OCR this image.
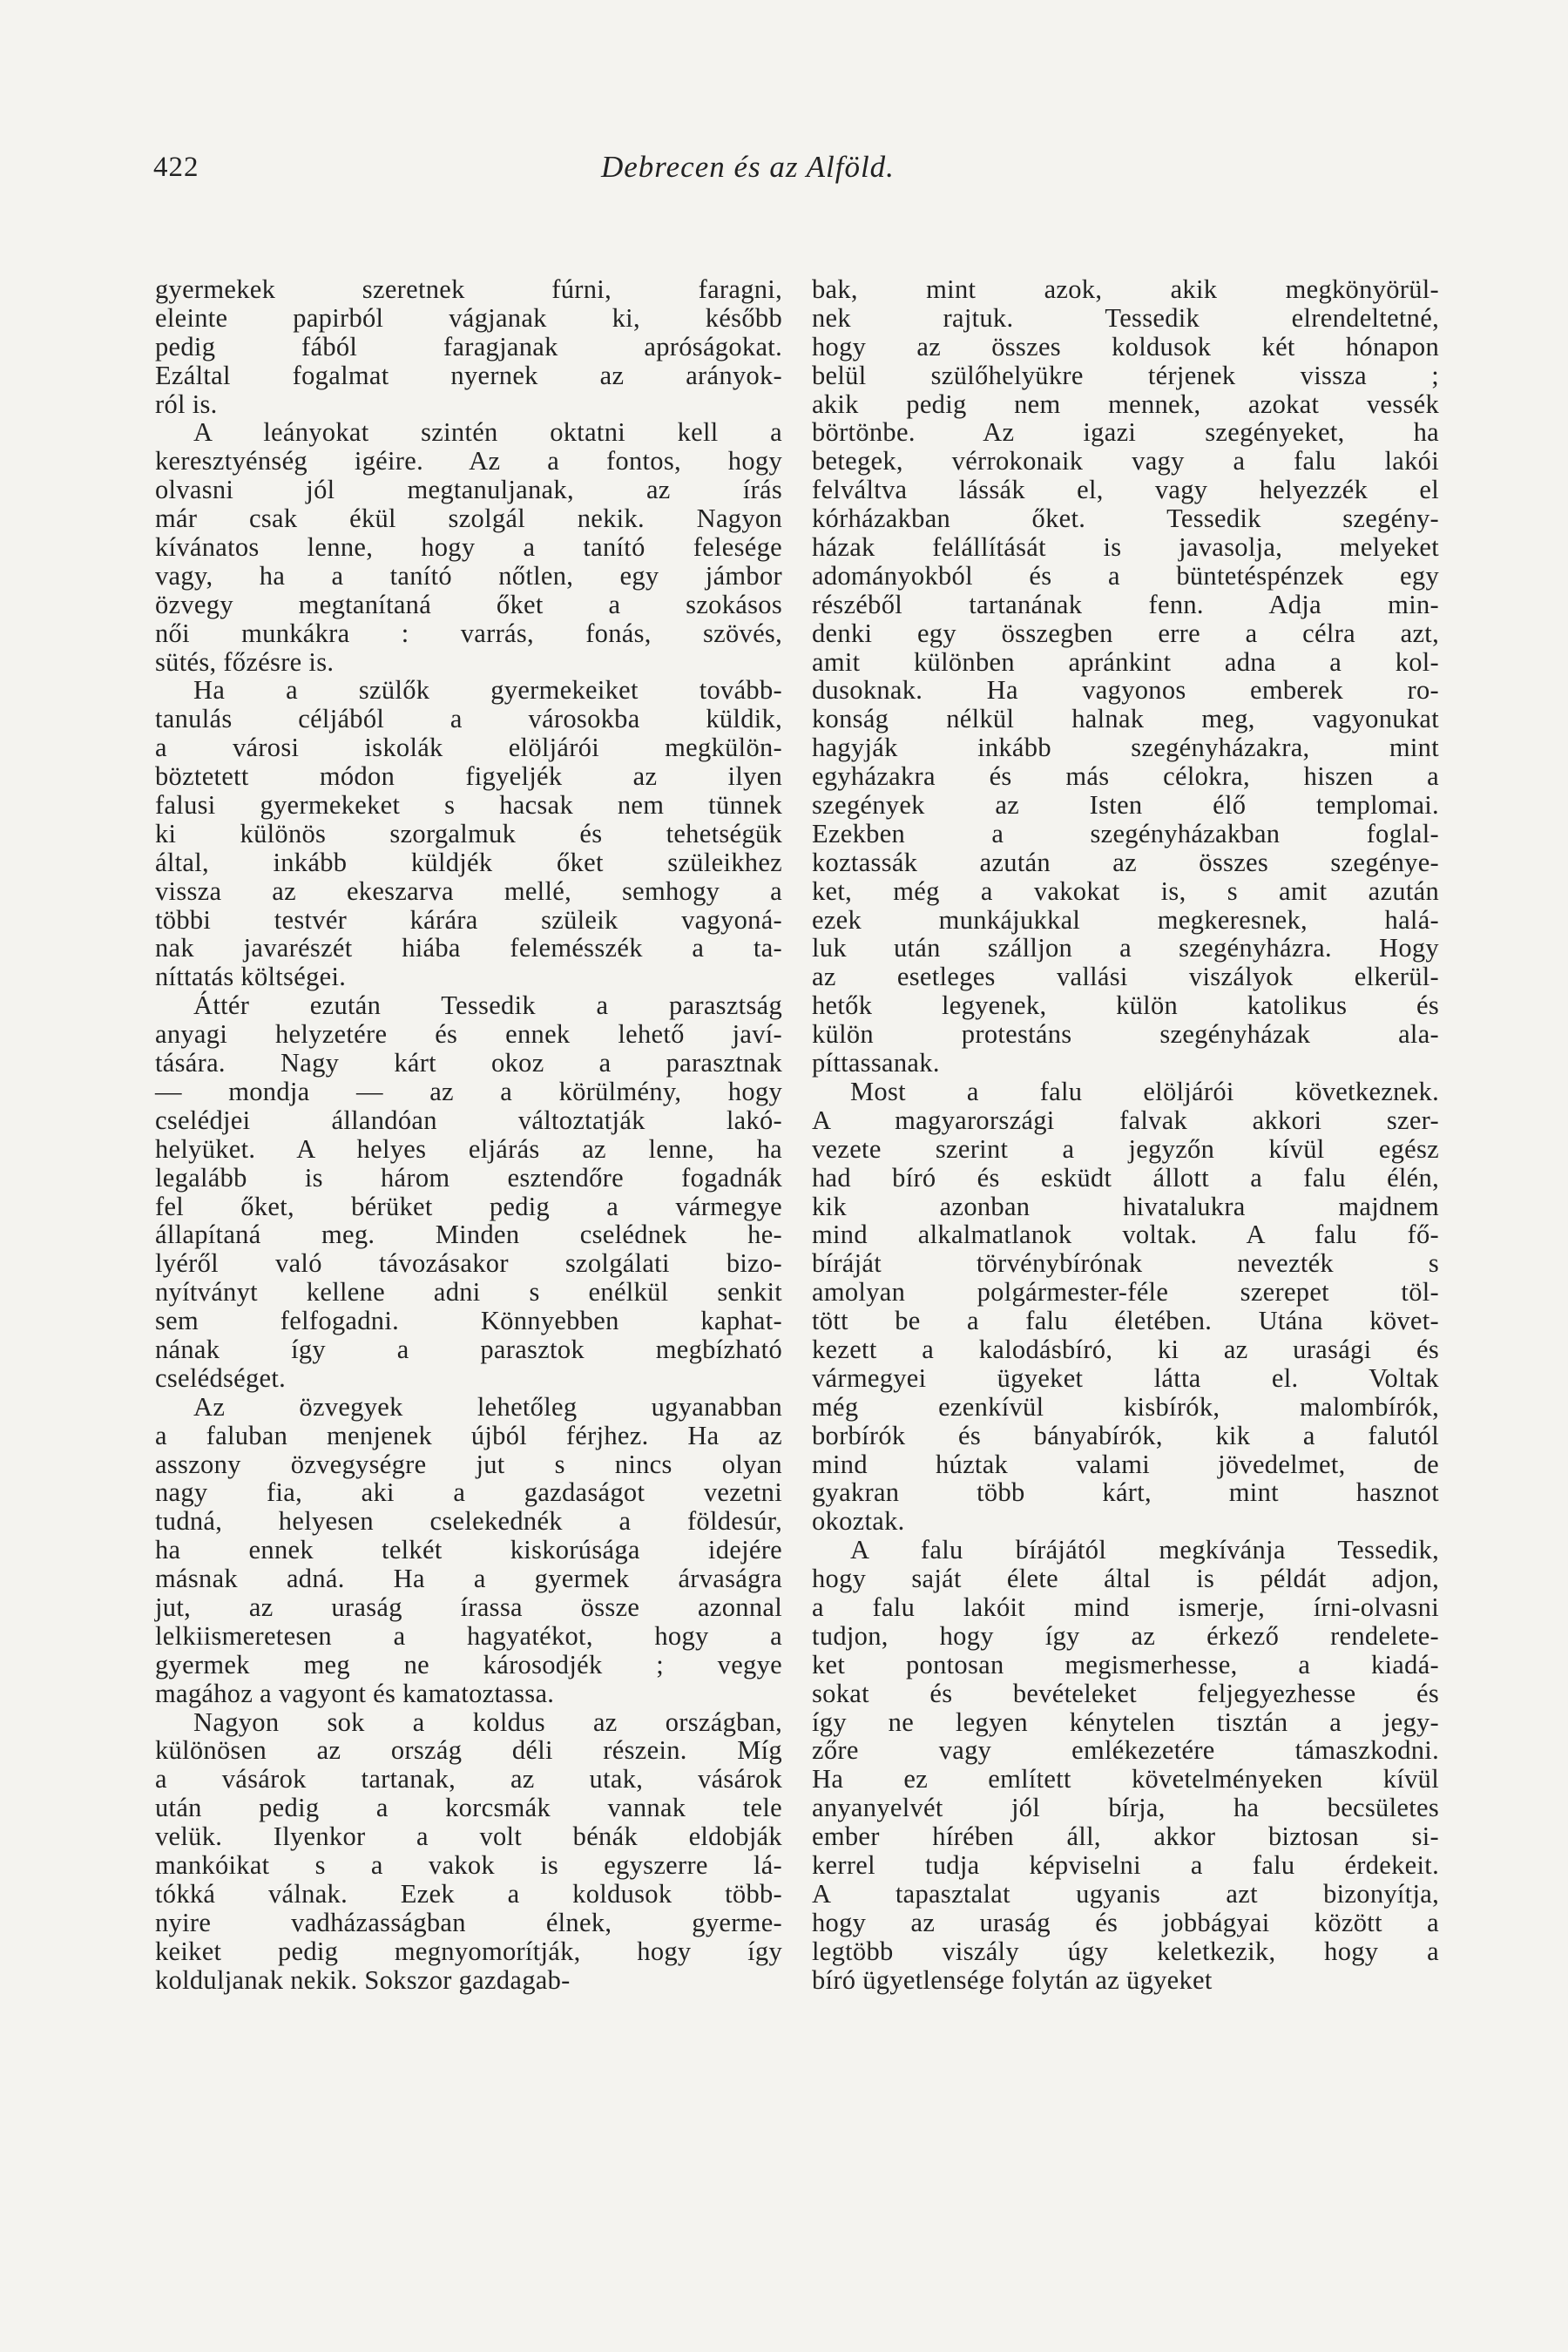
422	Debrecen és az Alföld.
gyermekek szeretnek fúrni, faragni,
eleinte papirból vágjanak ki, később
pedig fából faragjanak apróságokat.
Ezáltal fogalmat nyernek az arányok-
ról is.
A leányokat szintén oktatni kell a
keresztyénség igéire. Az a fontos, hogy
olvasni jól megtanuljanak, az írás
már csak ékül szolgál nekik. Nagyon
kívánatos lenne, hogy a tanító felesége
vagy, ha a tanító nőtlen, egy jámbor
özvegy megtanítaná őket a szokásos
női munkákra : varrás, fonás, szövés,
sütés, főzésre is.
Ha a szülők gyermekeiket tovább-
tanulás céljából a városokba küldik,
a városi iskolák elöljárói megkülön-
böztetett módon figyeljék az ilyen
falusi gyermekeket s hacsak nem tünnek
ki különös szorgalmuk és tehetségük
által, inkább küldjék őket szüleikhez
vissza az ekeszarva mellé, semhogy a
többi testvér kárára szüleik vagyoná-
nak javarészét hiába felemésszék a ta-
níttatás költségei.
Áttér ezután Tessedik a parasztság
anyagi helyzetére és ennek lehető javí-
tására. Nagy kárt okoz a parasztnak
— mondja — az a körülmény, hogy
cselédjei állandóan változtatják lakó-
helyüket. A helyes eljárás az lenne, ha
legalább is három esztendőre fogadnák
fel őket, bérüket pedig a vármegye
állapítaná meg. Minden cselédnek he-
lyéről való távozásakor szolgálati bizo-
nyítványt kellene adni s enélkül senkit
sem felfogadni. Könnyebben kaphat-
nának így a parasztok megbízható
cselédséget.
Az özvegyek lehetőleg ugyanabban
a faluban menjenek újból férjhez. Ha az
asszony özvegységre jut s nincs olyan
nagy fia, aki a gazdaságot vezetni
tudná, helyesen cselekednék a földesúr,
ha ennek telkét kiskorúsága idejére
másnak adná. Ha a gyermek árvaságra
jut, az uraság írassa össze azonnal
lelkiismeretesen a hagyatékot, hogy a
gyermek meg ne károsodjék ; vegye
magához a vagyont és kamatoztassa.
Nagyon sok a koldus az országban,
különösen az ország déli részein. Míg
a vásárok tartanak, az utak, vásárok
után pedig a korcsmák vannak tele
velük. Ilyenkor a volt bénák eldobják
mankóikat s a vakok is egyszerre lá-
tókká válnak. Ezek a koldusok több-
nyire vadházasságban élnek, gyerme-
keiket pedig megnyomorítják, hogy így
kolduljanak nekik. Sokszor gazdagab-
bak, mint azok, akik megkönyörül-
nek rajtuk. Tessedik elrendeltetné,
hogy az összes koldusok két hónapon
belül szülőhelyükre térjenek vissza ;
akik pedig nem mennek, azokat vessék
börtönbe. Az igazi szegényeket, ha
betegek, vérrokonaik vagy a falu lakói
felváltva lássák el, vagy helyezzék el
kórházakban őket. Tessedik szegény-
házak felállítását is javasolja, melyeket
adományokból és a büntetéspénzek egy
részéből tartanának fenn. Adja min-
denki egy összegben erre a célra azt,
amit különben apránkint adna a kol-
dusoknak. Ha vagyonos emberek ro-
konság nélkül halnak meg, vagyonukat
hagyják inkább szegényházakra, mint
egyházakra és más célokra, hiszen a
szegények az Isten élő templomai.
Ezekben a szegényházakban foglal-
koztassák azután az összes szegénye-
ket, még a vakokat is, s amit azután
ezek munkájukkal megkeresnek, halá-
luk után szálljon a szegényházra. Hogy
az esetleges vallási viszályok elkerül-
hetők legyenek, külön katolikus és
külön protestáns szegényházak ala-
píttassanak.
Most a falu elöljárói következnek.
A magyarországi falvak akkori szer-
vezete szerint a jegyzőn kívül egész
had bíró és esküdt állott a falu élén,
kik azonban hivatalukra majdnem
mind alkalmatlanok voltak. A falu fő-
bíráját törvénybírónak nevezték s
amolyan polgármester-féle szerepet töl-
tött be a falu életében. Utána követ-
kezett a kalodásbíró, ki az urasági és
vármegyei ügyeket látta el. Voltak
még ezenkívül kisbírók, malombírók,
borbírók és bányabírók, kik a falutól
mind húztak valami jövedelmet, de
gyakran több kárt, mint hasznot
okoztak.
A falu bírájától megkívánja Tessedik,
hogy saját élete által is példát adjon,
a falu lakóit mind ismerje, írni-olvasni
tudjon, hogy így az érkező rendelete-
ket pontosan megismerhesse, a kiadá-
sokat és bevételeket feljegyezhesse és
így ne legyen kénytelen tisztán a jegy-
zőre vagy emlékezetére támaszkodni.
Ha ez említett követelményeken kívül
anyanyelvét jól bírja, ha becsületes
ember hírében áll, akkor biztosan si-
kerrel tudja képviselni a falu érdekeit.
A tapasztalat ugyanis azt bizonyítja,
hogy az uraság és jobbágyai között a
legtöbb viszály úgy keletkezik, hogy a
bíró ügyetlensége folytán az ügyeket
